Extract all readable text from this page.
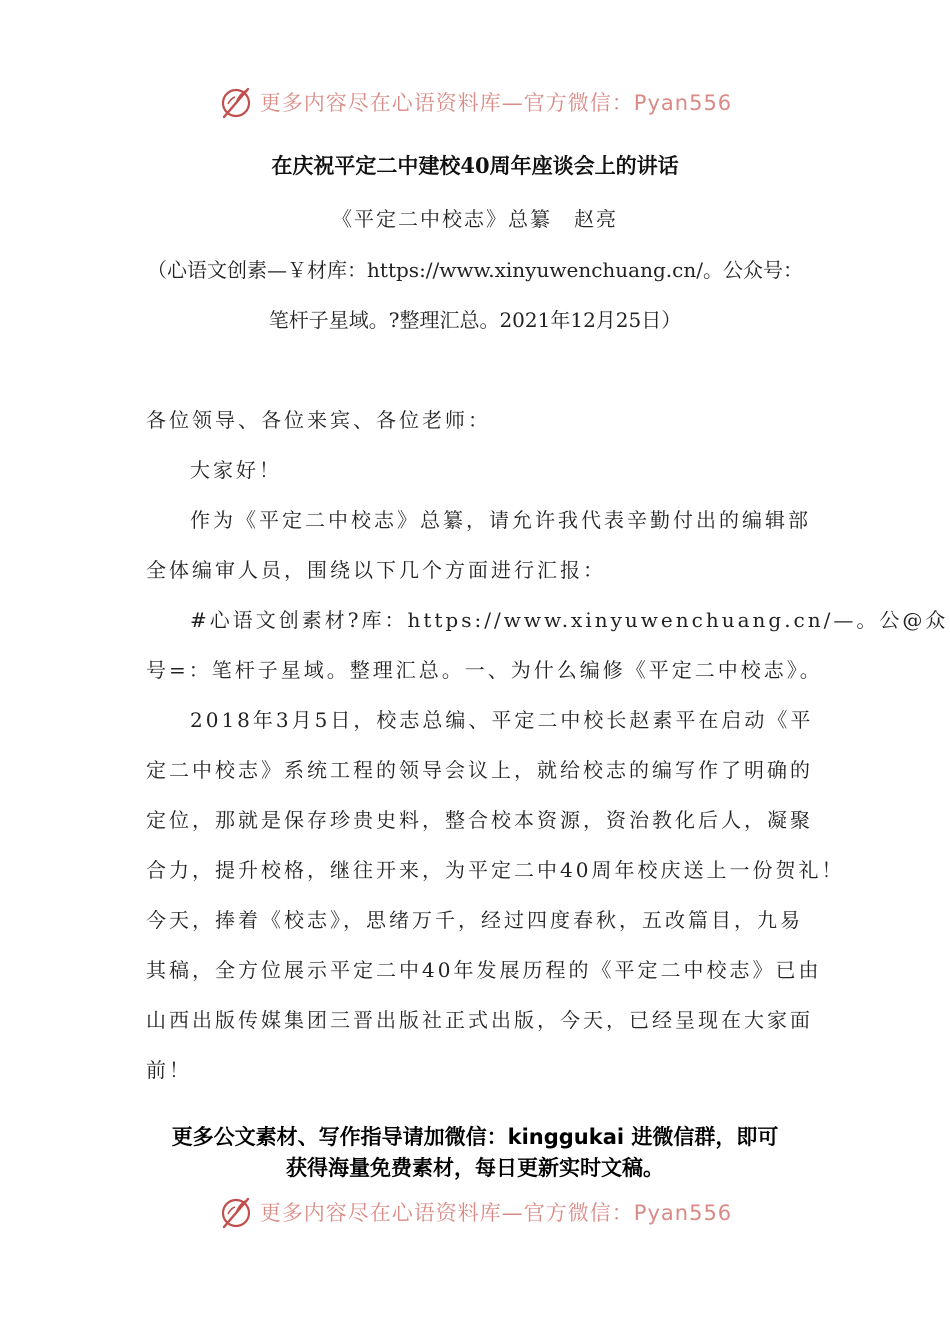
更多内容尽在心语资料库—官方微信：Pyan556
在庆祝平定二中建校40周年座谈会上的讲话
《平定二中校志》总纂　赵亮
（心语文创素—￥材库：https://www.xinyuwenchuang.cn/。公众号：
笔杆子星域。?整理汇总。2021年12月25日）
各位领导、各位来宾、各位老师：
大家好！
作为《平定二中校志》总纂，请允许我代表辛勤付出的编辑部
全体编审人员，围绕以下几个方面进行汇报：
#心语文创素材?库：https://www.xinyuwenchuang.cn/—。公@众
号=：笔杆子星域。整理汇总。一、为什么编修《平定二中校志》。
2018年3月5日，校志总编、平定二中校长赵素平在启动《平
定二中校志》系统工程的领导会议上，就给校志的编写作了明确的
定位，那就是保存珍贵史料，整合校本资源，资治教化后人，凝聚
合力，提升校格，继往开来，为平定二中40周年校庆送上一份贺礼！
今天，捧着《校志》，思绪万千，经过四度春秋，五改篇目，九易
其稿，全方位展示平定二中40年发展历程的《平定二中校志》已由
山西出版传媒集团三晋出版社正式出版，今天，已经呈现在大家面
前！
更多公文素材、写作指导请加微信：kinggukai 进微信群，即可
获得海量免费素材，每日更新实时文稿。
更多内容尽在心语资料库—官方微信：Pyan556
